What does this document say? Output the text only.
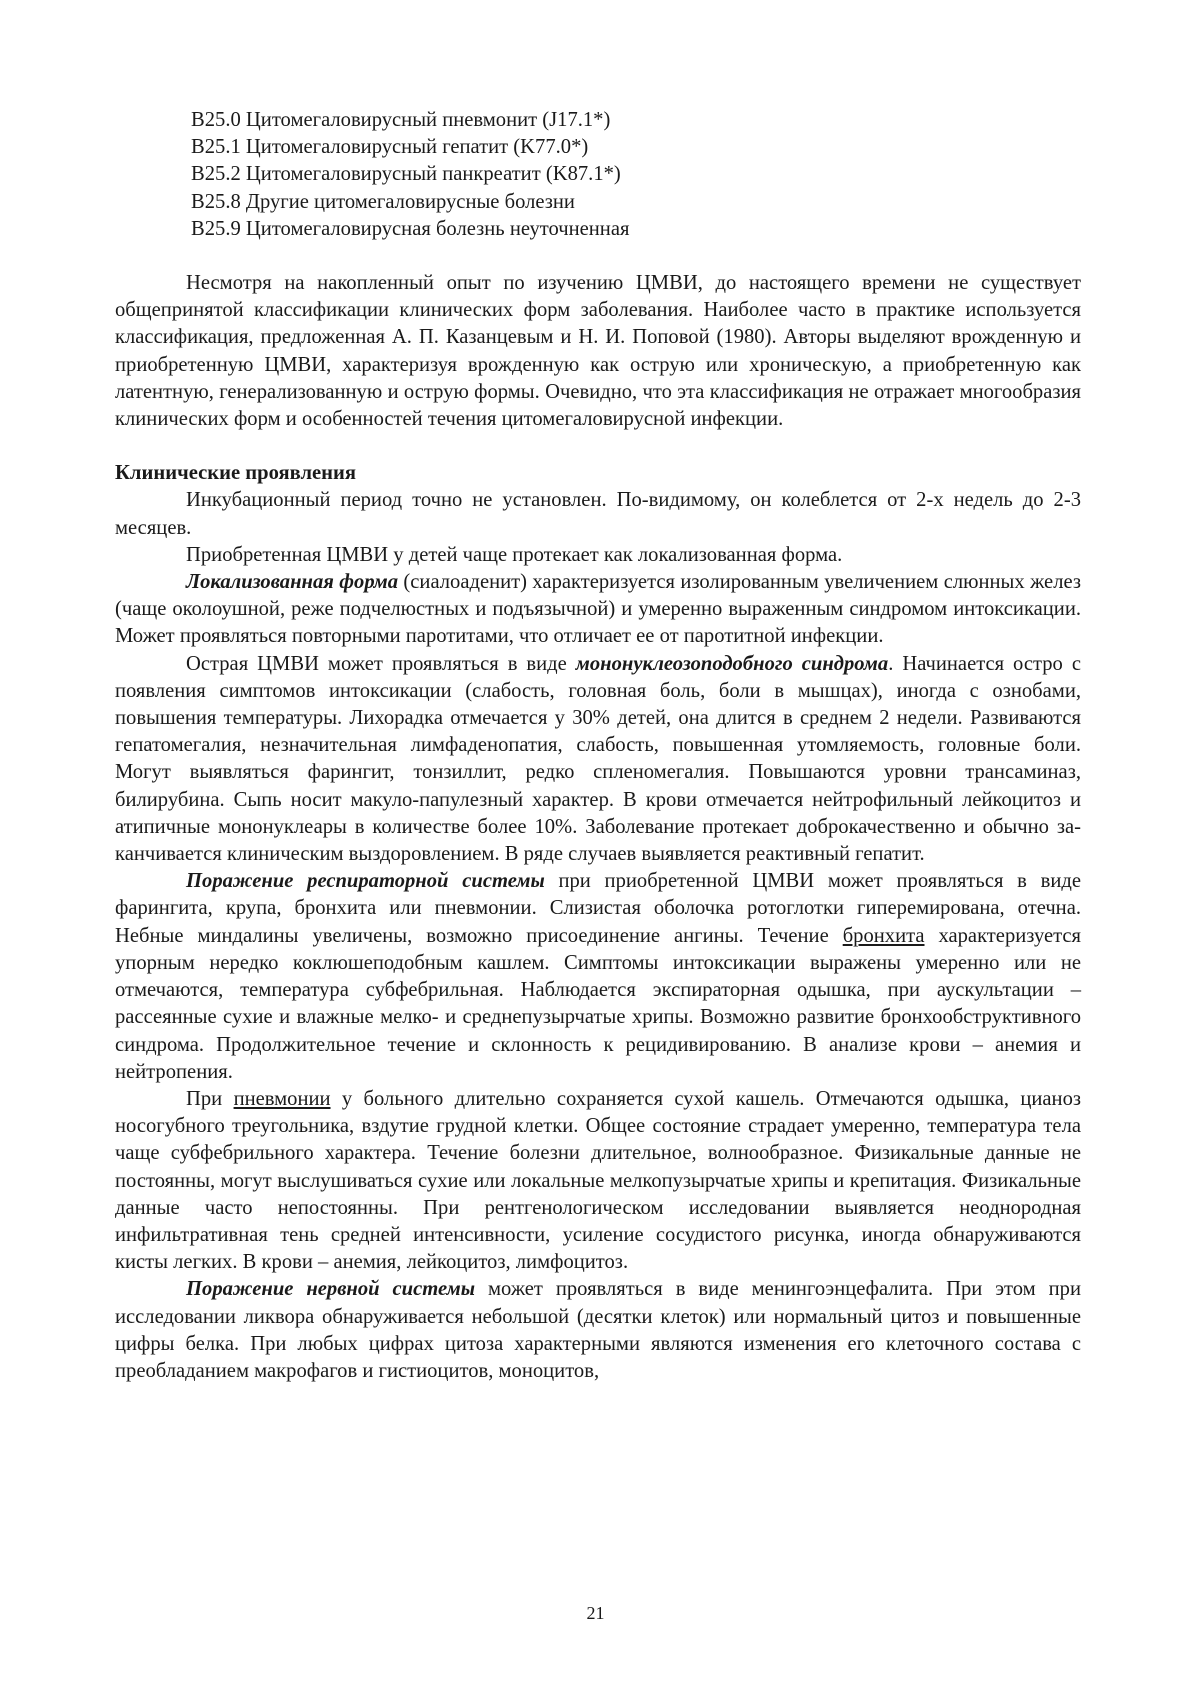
B25.0 Цитомегаловирусный пневмонит (J17.1*)
B25.1 Цитомегаловирусный гепатит (K77.0*)
B25.2 Цитомегаловирусный панкреатит (K87.1*)
B25.8 Другие цитомегаловирусные болезни
B25.9 Цитомегаловирусная болезнь неуточненная

Несмотря на накопленный опыт по изучению ЦМВИ, до настоящего времени не существует общепринятой классификации клинических форм заболевания. Наиболее часто в практике используется классификация, предложенная А. П. Казанцевым и Н. И. Поповой (1980). Авторы выделяют врожденную и приобретенную ЦМВИ, характеризуя врожденную как острую или хроническую, а приобретенную как латентную, генерализованную и острую формы. Очевидно, что эта классификация не отражает многообразия клинических форм и особенностей течения цитомегаловирусной инфекции.

Клинические проявления

Инкубационный период точно не установлен. По-видимому, он колеблется от 2-х недель до 2-3 месяцев.

Приобретенная ЦМВИ у детей чаще протекает как локализованная форма.

Локализованная форма (сиалоаденит) характеризуется изолированным увеличением слюнных желез (чаще околоушной, реже подчелюстных и подъязычной) и умеренно выраженным синдромом интоксикации. Может проявляться повторными паротитами, что отличает ее от паротитной инфекции.

Острая ЦМВИ может проявляться в виде мононуклеозоподобного синдрома. Начинается остро с появления симптомов интоксикации (слабость, головная боль, боли в мышцах), иногда с ознобами, повышения температуры. Лихорадка отмечается у 30% детей, она длится в среднем 2 недели. Развиваются гепатомегалия, незначительная лимфаденопатия, слабость, повышенная утомляемость, головные боли. Могут выявляться фарингит, тонзиллит, редко спленомегалия. Повышаются уровни трансаминаз, билирубина. Сыпь носит макуло-папулезный характер. В крови отмечается нейтрофильный лейкоцитоз и атипичные мононуклеары в количестве более 10%. Заболевание протекает доброкачественно и обычно заканчивается клиническим выздоровлением. В ряде случаев выявляется реактивный гепатит.

Поражение респираторной системы при приобретенной ЦМВИ может проявляться в виде фарингита, крупа, бронхита или пневмонии. Слизистая оболочка ротоглотки гиперемирована, отечна. Небные миндалины увеличены, возможно присоединение ангины. Течение бронхита характеризуется упорным нередко коклюшеподобным кашлем. Симптомы интоксикации выражены умеренно или не отмечаются, температура субфебрильная. Наблюдается экспираторная одышка, при аускультации – рассеянные сухие и влажные мелко- и среднепузырчатые хрипы. Возможно развитие бронхообструктивного синдрома. Продолжительное течение и склонность к рецидивированию. В анализе крови – анемия и нейтропения.

При пневмонии у больного длительно сохраняется сухой кашель. Отмечаются одышка, цианоз носогубного треугольника, вздутие грудной клетки. Общее состояние страдает умеренно, температура тела чаще субфебрильного характера. Течение болезни длительное, волнообразное. Физикальные данные не постоянны, могут выслушиваться сухие или локальные мелкопузырчатые хрипы и крепитация. Физикальные данные часто непостоянны. При рентгенологическом исследовании выявляется неоднородная инфильтративная тень средней интенсивности, усиление сосудистого рисунка, иногда обнаруживаются кисты легких. В крови – анемия, лейкоцитоз, лимфоцитоз.

Поражение нервной системы может проявляться в виде менингоэнцефалита. При этом при исследовании ликвора обнаруживается небольшой (десятки клеток) или нормальный цитоз и повышенные цифры белка. При любых цифрах цитоза характерными являются изменения его клеточного состава с преобладанием макрофагов и гистиоцитов, моноцитов,

21
